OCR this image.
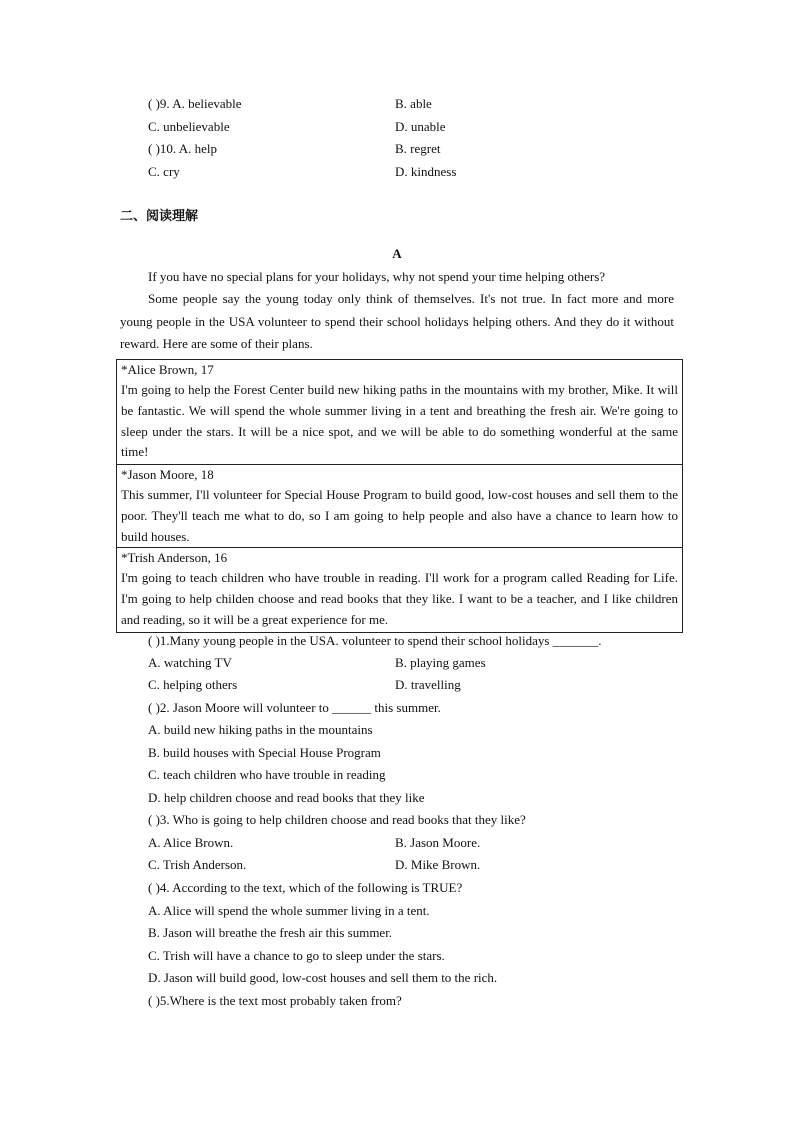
( )9. A. believable	B. able
C. unbelievable	D. unable
( )10. A. help	B. regret
C. cry	D. kindness
二、阅读理解
A
If you have no special plans for your holidays, why not spend your time helping others?
Some people say the young today only think of themselves. It's not true. In fact more and more young people in the USA volunteer to spend their school holidays helping others. And they do it without reward. Here are some of their plans.
*Alice Brown, 17
I'm going to help the Forest Center build new hiking paths in the mountains with my brother, Mike. It will be fantastic. We will spend the whole summer living in a tent and breathing the fresh air. We're going to sleep under the stars. It will be a nice spot, and we will be able to do something wonderful at the same time!
*Jason Moore, 18
This summer, I'll volunteer for Special House Program to build good, low-cost houses and sell them to the poor. They'll teach me what to do, so I am going to help people and also have a chance to learn how to build houses.
*Trish Anderson, 16
I'm going to teach children who have trouble in reading. I'll work for a program called Reading for Life. I'm going to help childen choose and read books that they like. I want to be a teacher, and I like children and reading, so it will be a great experience for me.
( )1.Many young people in the USA. volunteer to spend their school holidays _______.
A. watching TV	B. playing games
C. helping others	D. travelling
( )2. Jason Moore will volunteer to ______ this summer.
A. build new hiking paths in the mountains
B. build houses with Special House Program
C. teach children who have trouble in reading
D. help children choose and read books that they like
( )3. Who is going to help children choose and read books that they like?
A. Alice Brown.	B. Jason Moore.
C. Trish Anderson.	D. Mike Brown.
( )4. According to the text, which of the following is TRUE?
A. Alice will spend the whole summer living in a tent.
B. Jason will breathe the fresh air this summer.
C. Trish will have a chance to go to sleep under the stars.
D. Jason will build good, low-cost houses and sell them to the rich.
( )5.Where is the text most probably taken from?
